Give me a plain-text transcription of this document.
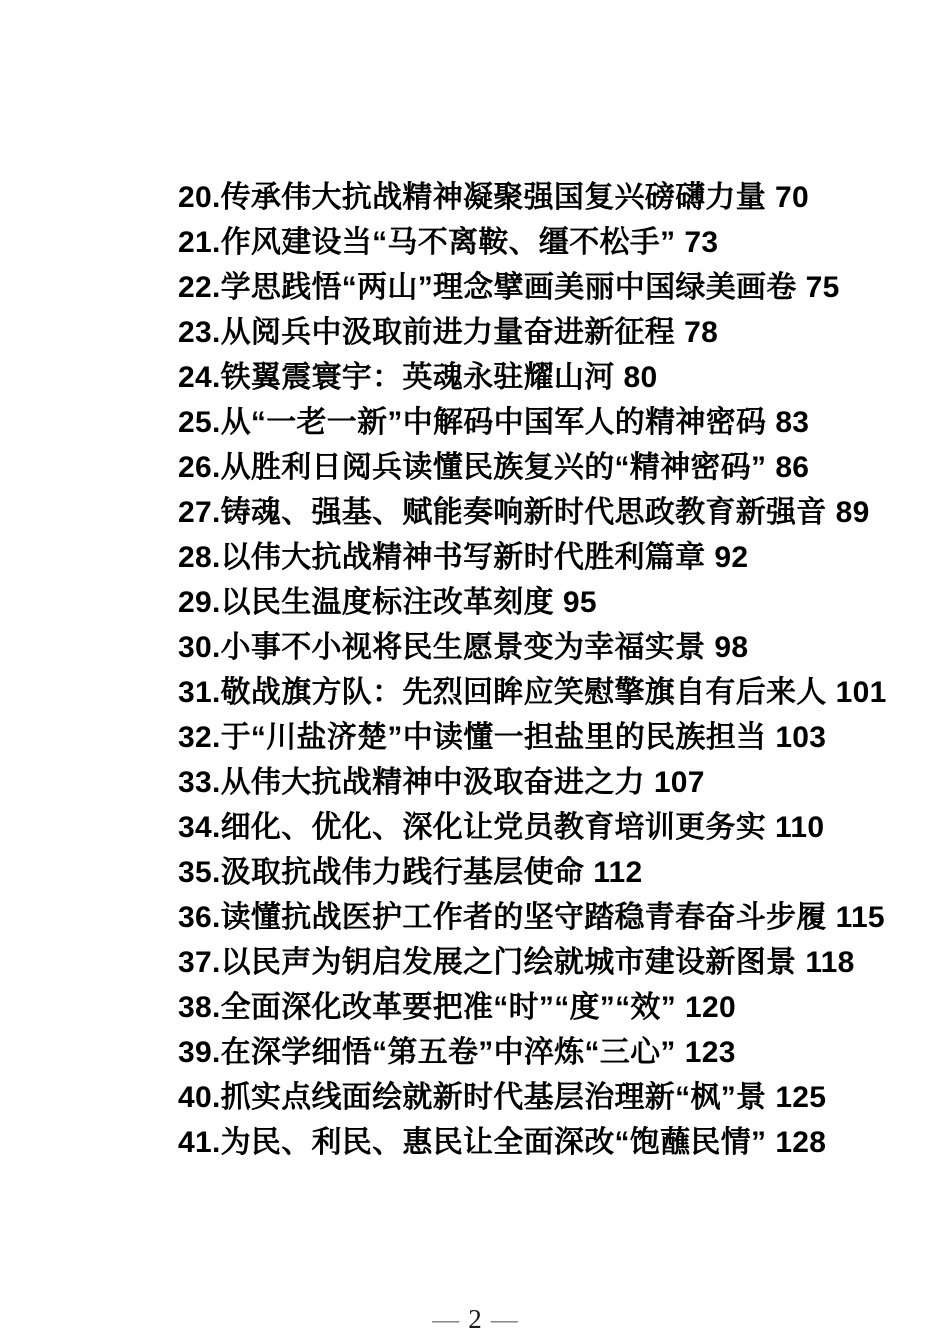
20.传承伟大抗战精神凝聚强国复兴磅礴力量 70
21.作风建设当“马不离鞍、缰不松手” 73
22.学思践悟“两山”理念擘画美丽中国绿美画卷 75
23.从阅兵中汲取前进力量奋进新征程 78
24.铁翼震寰宇：英魂永驻耀山河 80
25.从“一老一新”中解码中国军人的精神密码 83
26.从胜利日阅兵读懂民族复兴的“精神密码” 86
27.铸魂、强基、赋能奏响新时代思政教育新强音 89
28.以伟大抗战精神书写新时代胜利篇章 92
29.以民生温度标注改革刻度 95
30.小事不小视将民生愿景变为幸福实景 98
31.敬战旗方队：先烈回眸应笑慰擎旗自有后来人 101
32.于“川盐济楚”中读懂一担盐里的民族担当 103
33.从伟大抗战精神中汲取奋进之力 107
34.细化、优化、深化让党员教育培训更务实 110
35.汲取抗战伟力践行基层使命 112
36.读懂抗战医护工作者的坚守踏稳青春奋斗步履 115
37.以民声为钥启发展之门绘就城市建设新图景 118
38.全面深化改革要把准“时”“度”“效” 120
39.在深学细悟“第五卷”中淬炼“三心” 123
40.抓实点线面绘就新时代基层治理新“枫”景 125
41.为民、利民、惠民让全面深改“饱蘸民情” 128
— 2 —
